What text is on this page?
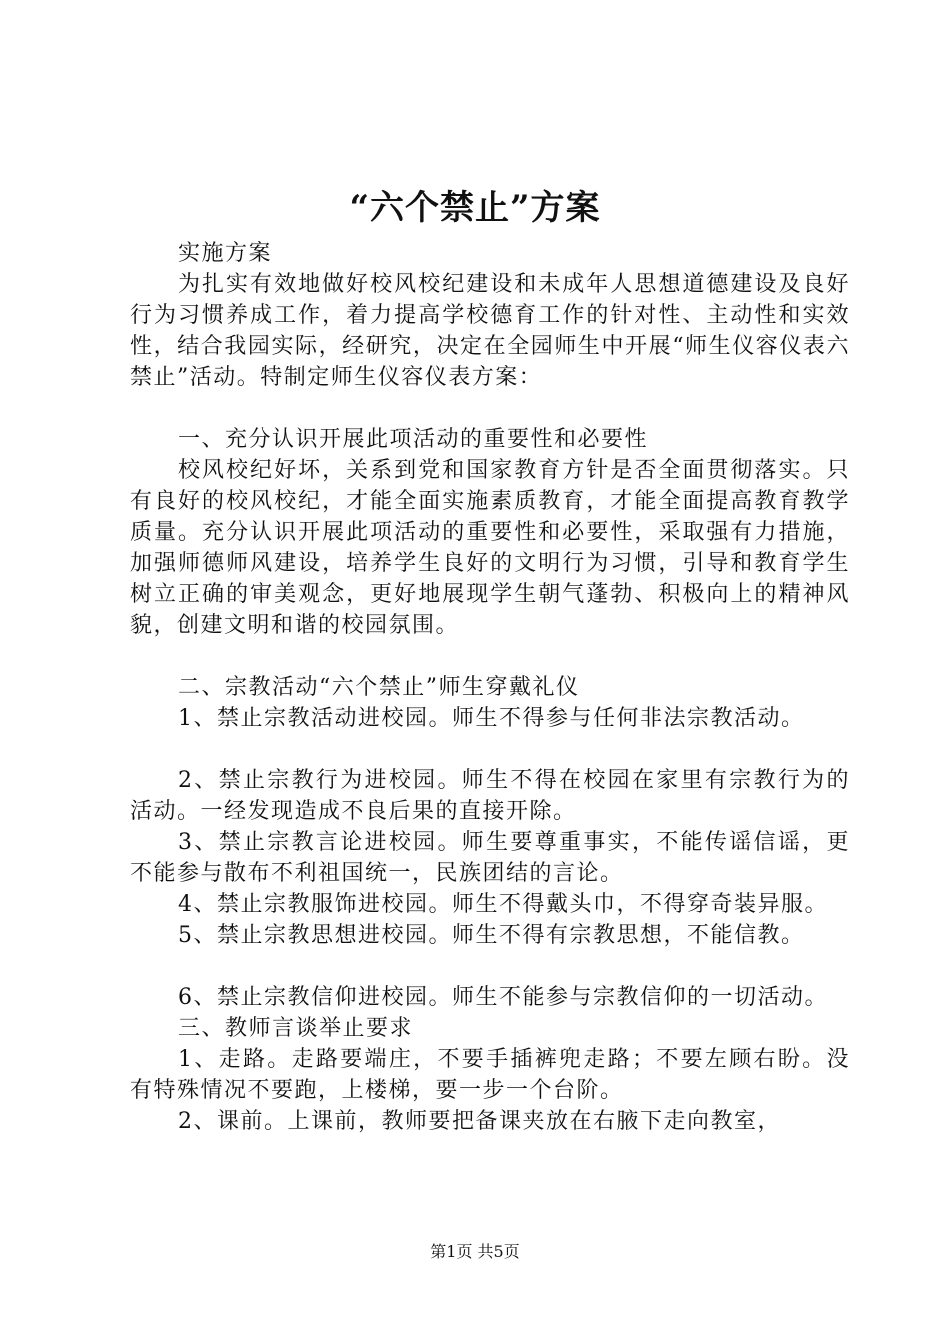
“六个禁止”方案

实施方案

为扎实有效地做好校风校纪建设和未成年人思想道德建设及良好行为习惯养成工作，着力提高学校德育工作的针对性、主动性和实效性，结合我园实际，经研究，决定在全园师生中开展“师生仪容仪表六禁止”活动。特制定师生仪容仪表方案：

一、充分认识开展此项活动的重要性和必要性

校风校纪好坏，关系到党和国家教育方针是否全面贯彻落实。只有良好的校风校纪，才能全面实施素质教育，才能全面提高教育教学质量。充分认识开展此项活动的重要性和必要性，采取强有力措施，加强师德师风建设，培养学生良好的文明行为习惯，引导和教育学生树立正确的审美观念，更好地展现学生朝气蓬勃、积极向上的精神风貌，创建文明和谐的校园氛围。

二、宗教活动“六个禁止”师生穿戴礼仪

1、禁止宗教活动进校园。师生不得参与任何非法宗教活动。

2、禁止宗教行为进校园。师生不得在校园在家里有宗教行为的活动。一经发现造成不良后果的直接开除。

3、禁止宗教言论进校园。师生要尊重事实，不能传谣信谣，更不能参与散布不利祖国统一，民族团结的言论。

4、禁止宗教服饰进校园。师生不得戴头巾，不得穿奇装异服。

5、禁止宗教思想进校园。师生不得有宗教思想，不能信教。

6、禁止宗教信仰进校园。师生不能参与宗教信仰的一切活动。

三、教师言谈举止要求

1、走路。走路要端庄，不要手插裤兜走路；不要左顾右盼。没有特殊情况不要跑，上楼梯，要一步一个台阶。

2、课前。上课前，教师要把备课夹放在右腋下走向教室，

第1页 共5页
